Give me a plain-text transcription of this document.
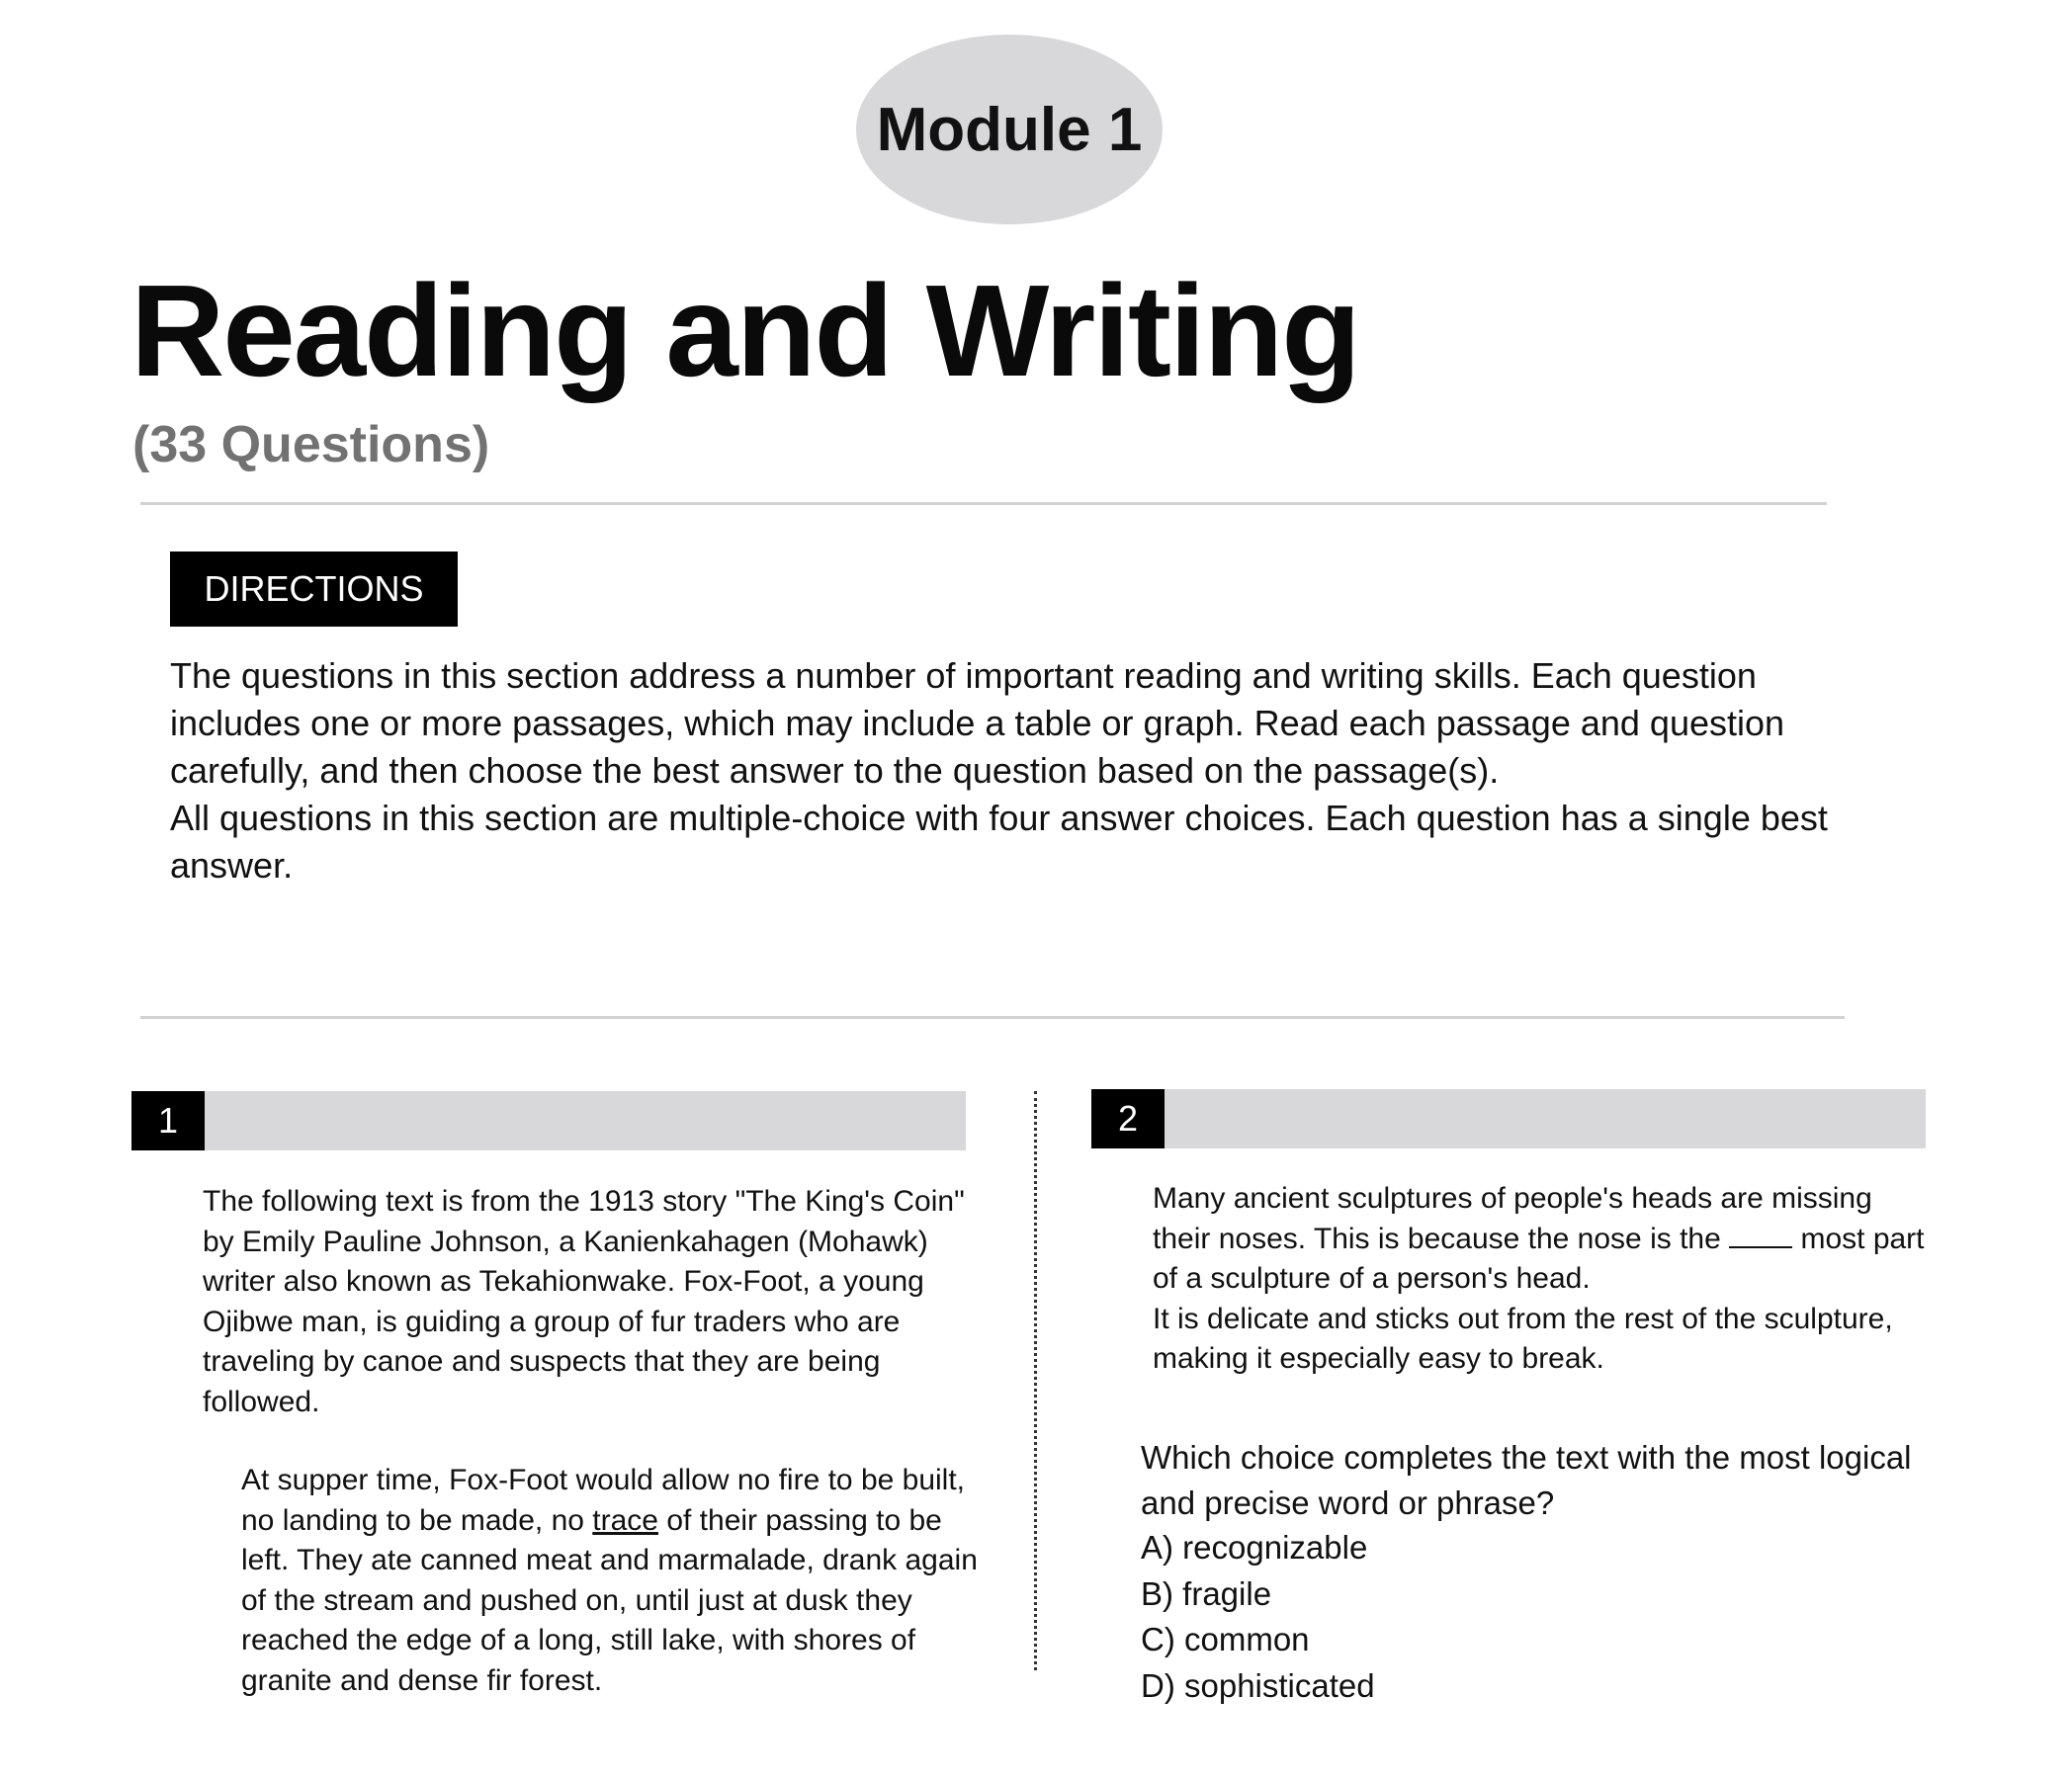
Module 1
Reading and Writing
(33 Questions)
DIRECTIONS

The questions in this section address a number of important reading and writing skills. Each question includes one or more passages, which may include a table or graph. Read each passage and question carefully, and then choose the best answer to the question based on the passage(s).

All questions in this section are multiple-choice with four answer choices. Each question has a single best answer.

1

The following text is from the 1913 story "The King's Coin" by Emily Pauline Johnson, a Kanienkahagen (Mohawk) writer also known as Tekahionwake. Fox-Foot, a young Ojibwe man, is guiding a group of fur traders who are traveling by canoe and suspects that they are being followed.

At supper time, Fox-Foot would allow no fire to be built, no landing to be made, no trace of their passing to be left. They ate canned meat and marmalade, drank again of the stream and pushed on, until just at dusk they reached the edge of a long, still lake, with shores of granite and dense fir forest.

2

Many ancient sculptures of people's heads are missing their noses. This is because the nose is the	most part of a sculpture of a person's head.

It is delicate and sticks out from the rest of the sculpture, making it especially easy to break.

Which choice completes the text with the most logical and precise word or phrase?

A) recognizable
B) fragile
C) common
D) sophisticated
